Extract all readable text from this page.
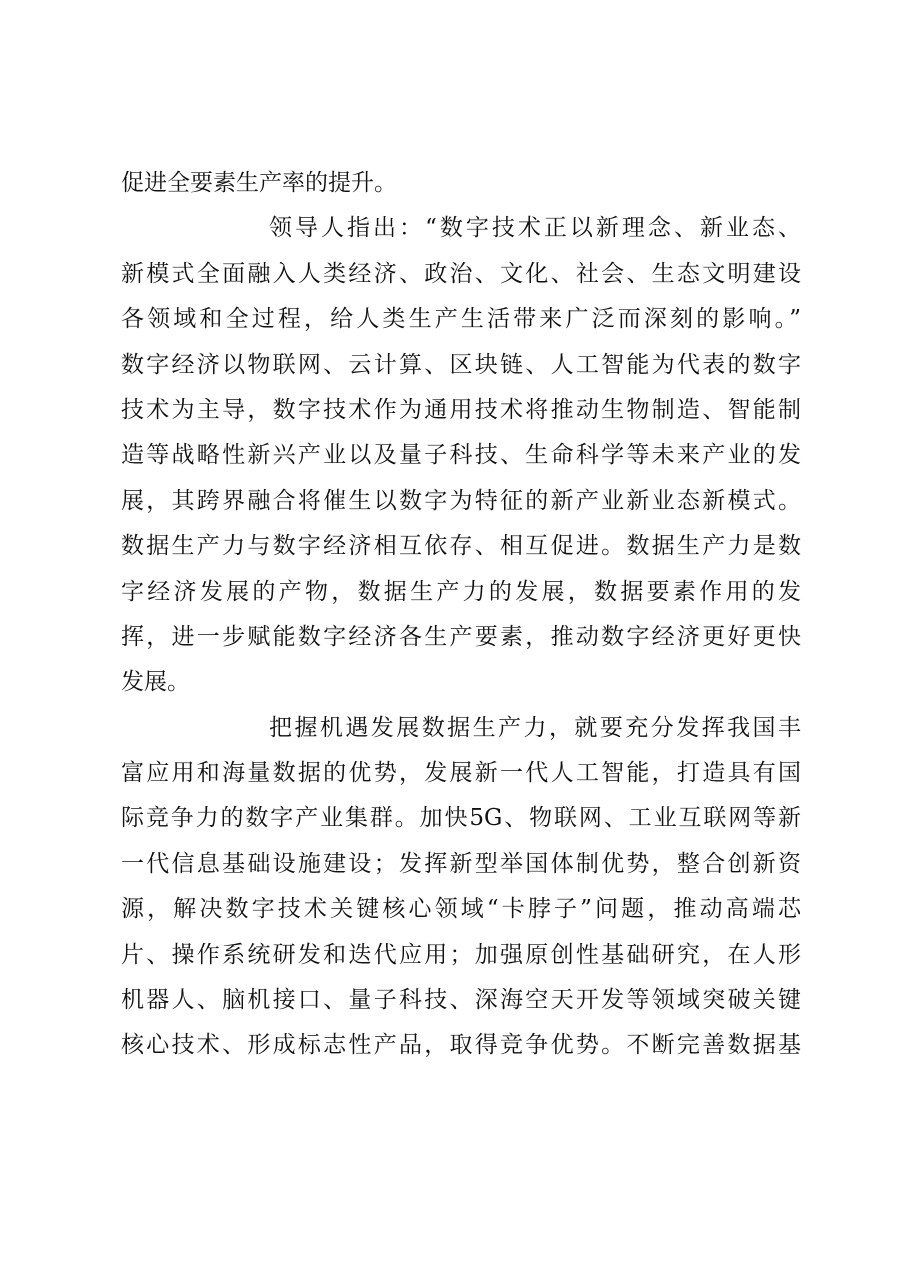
促进全要素生产率的提升。
领导人指出：“数字技术正以新理念、新业态、
新模式全面融入人类经济、政治、文化、社会、生态文明建设
各领域和全过程，给人类生产生活带来广泛而深刻的影响。”
数字经济以物联网、云计算、区块链、人工智能为代表的数字
技术为主导，数字技术作为通用技术将推动生物制造、智能制
造等战略性新兴产业以及量子科技、生命科学等未来产业的发
展，其跨界融合将催生以数字为特征的新产业新业态新模式。
数据生产力与数字经济相互依存、相互促进。数据生产力是数
字经济发展的产物，数据生产力的发展，数据要素作用的发
挥，进一步赋能数字经济各生产要素，推动数字经济更好更快
发展。
把握机遇发展数据生产力，就要充分发挥我国丰
富应用和海量数据的优势，发展新一代人工智能，打造具有国
际竞争力的数字产业集群。加快5G、物联网、工业互联网等新
一代信息基础设施建设；发挥新型举国体制优势，整合创新资
源，解决数字技术关键核心领域“卡脖子”问题，推动高端芯
片、操作系统研发和迭代应用；加强原创性基础研究，在人形
机器人、脑机接口、量子科技、深海空天开发等领域突破关键
核心技术、形成标志性产品，取得竞争优势。不断完善数据基
